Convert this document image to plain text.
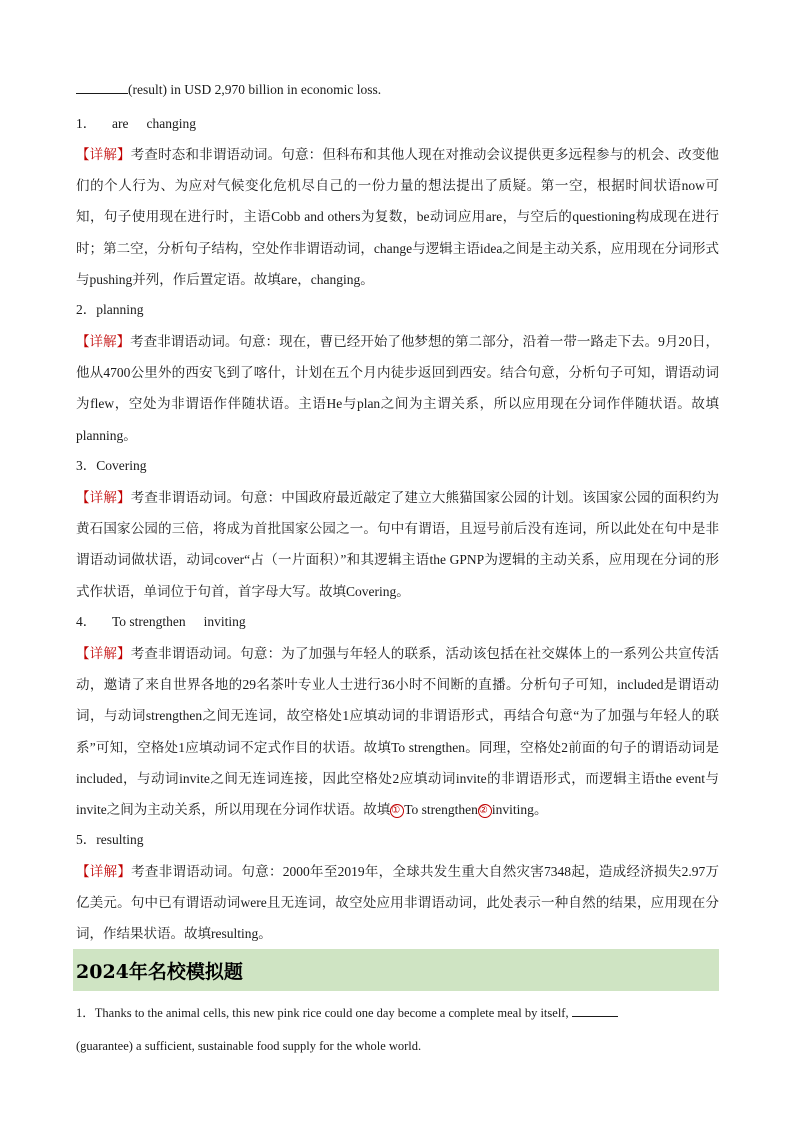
(result) in USD 2,970 billion in economic loss.
1． are changing
【详解】考查时态和非谓语动词。句意：但科布和其他人现在对推动会议提供更多远程参与的机会、改变他们的个人行为、为应对气候变化危机尽自己的一份力量的想法提出了质疑。第一空，根据时间状语now可知，句子使用现在进行时，主语Cobb and others为复数，be动词应用are，与空后的questioning构成现在进行时；第二空，分析句子结构，空处作非谓语动词，change与逻辑主语idea之间是主动关系，应用现在分词形式与pushing并列，作后置定语。故填are，changing。
2．planning
【详解】考查非谓语动词。句意：现在，曹已经开始了他梦想的第二部分，沿着一带一路走下去。9月20日，他从4700公里外的西安飞到了喀什，计划在五个月内徒步返回到西安。结合句意，分析句子可知，谓语动词为flew，空处为非谓语作伴随状语。主语He与plan之间为主谓关系，所以应用现在分词作伴随状语。故填planning。
3．Covering
【详解】考查非谓语动词。句意：中国政府最近敲定了建立大熊猫国家公园的计划。该国家公园的面积约为黄石国家公园的三倍，将成为首批国家公园之一。句中有谓语，且逗号前后没有连词，所以此处在句中是非谓语动词做状语，动词cover“占（一片面积）”和其逻辑主语the GPNP为逻辑的主动关系，应用现在分词的形式作状语，单词位于句首，首字母大写。故填Covering。
4． To strengthen inviting
【详解】考查非谓语动词。句意：为了加强与年轻人的联系，活动该包括在社交媒体上的一系列公共宣传活动，邀请了来自世界各地的29名茶叶专业人士进行36小时不间断的直播。分析句子可知，included是谓语动词，与动词strengthen之间无连词，故空格处1应填动词的非谓语形式，再结合句意“为了加强与年轻人的联系”可知，空格处1应填动词不定式作目的状语。故填To strengthen。同理，空格处2前面的句子的谓语动词是included，与动词invite之间无连词连接，因此空格处2应填动词invite的非谓语形式，而逻辑主语the event与invite之间为主动关系，所以用现在分词作状语。故填① To strengthen② inviting。
5．resulting
【详解】考查非谓语动词。句意：2000年至2019年，全球共发生重大自然灾害7348起，造成经济损失2.97万亿美元。句中已有谓语动词were且无连词，故空处应用非谓语动词，此处表示一种自然的结果，应用现在分词，作结果状语。故填resulting。
2024年名校模拟题
1．Thanks to the animal cells, this new pink rice could one day become a complete meal by itself,
(guarantee) a sufficient, sustainable food supply for the whole world.
